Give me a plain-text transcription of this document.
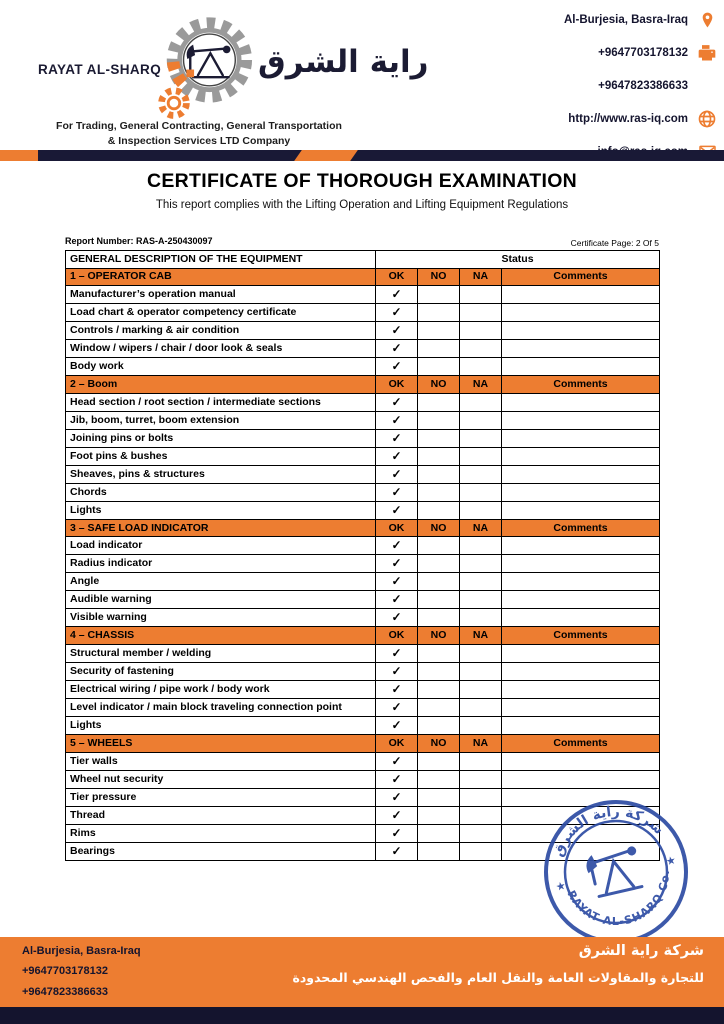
RAYAT AL-SHARQ	راية الشرق
For Trading, General Contracting, General Transportation
& Inspection Services LTD Company
Al-Burjesia, Basra-Iraq
+9647703178132
+9647823386633
http://www.ras-iq.com
CERTIFICATE OF THOROUGH EXAMINATION
This report complies with the Lifting Operation and Lifting Equipment Regulations
Report Number: RAS-A-250430097	Certificate Page: 2 Of 5
GENERAL DESCRIPTION OF THE EQUIPMENT	Status			
1 – OPERATOR CAB	OK	NO	NA	Comments
Manufacturer’s operation manual	✓			
Load chart & operator competency certificate	✓			
Controls / marking & air condition	✓			
Window / wipers / chair / door look & seals	✓			
Body work	✓			
2 – Boom	OK	NO	NA	Comments
Head section / root section / intermediate sections	✓			
Jib, boom, turret, boom extension	✓			
Joining pins or bolts	✓			
Foot pins & bushes	✓			
Sheaves, pins & structures	✓			
Chords	✓			
Lights	✓			
3 – SAFE LOAD INDICATOR	OK	NO	NA	Comments
Load indicator	✓			
Radius indicator	✓			
Angle	✓			
Audible warning	✓			
Visible warning	✓			
4 – CHASSIS	OK	NO	NA	Comments
Structural member / welding	✓			
Security of fastening	✓			
Electrical wiring / pipe work / body work	✓			
Level indicator / main block traveling connection point	✓			
Lights	✓			
5 – WHEELS	OK	NO	NA	Comments
Tier walls	✓			
Wheel nut security	✓			
Tier pressure	✓			
Thread	✓			
Rims	✓			
Bearings	✓				شركة راية الشرق
RAYAT AL-SHARQ Co.
★
★
Al-Burjesia, Basra-Iraq
+9647703178132
+9647823386633
شركة راية الشرق
للتجارة والمقاولات العامة والنقل العام والفحص الهندسي المحدودة
